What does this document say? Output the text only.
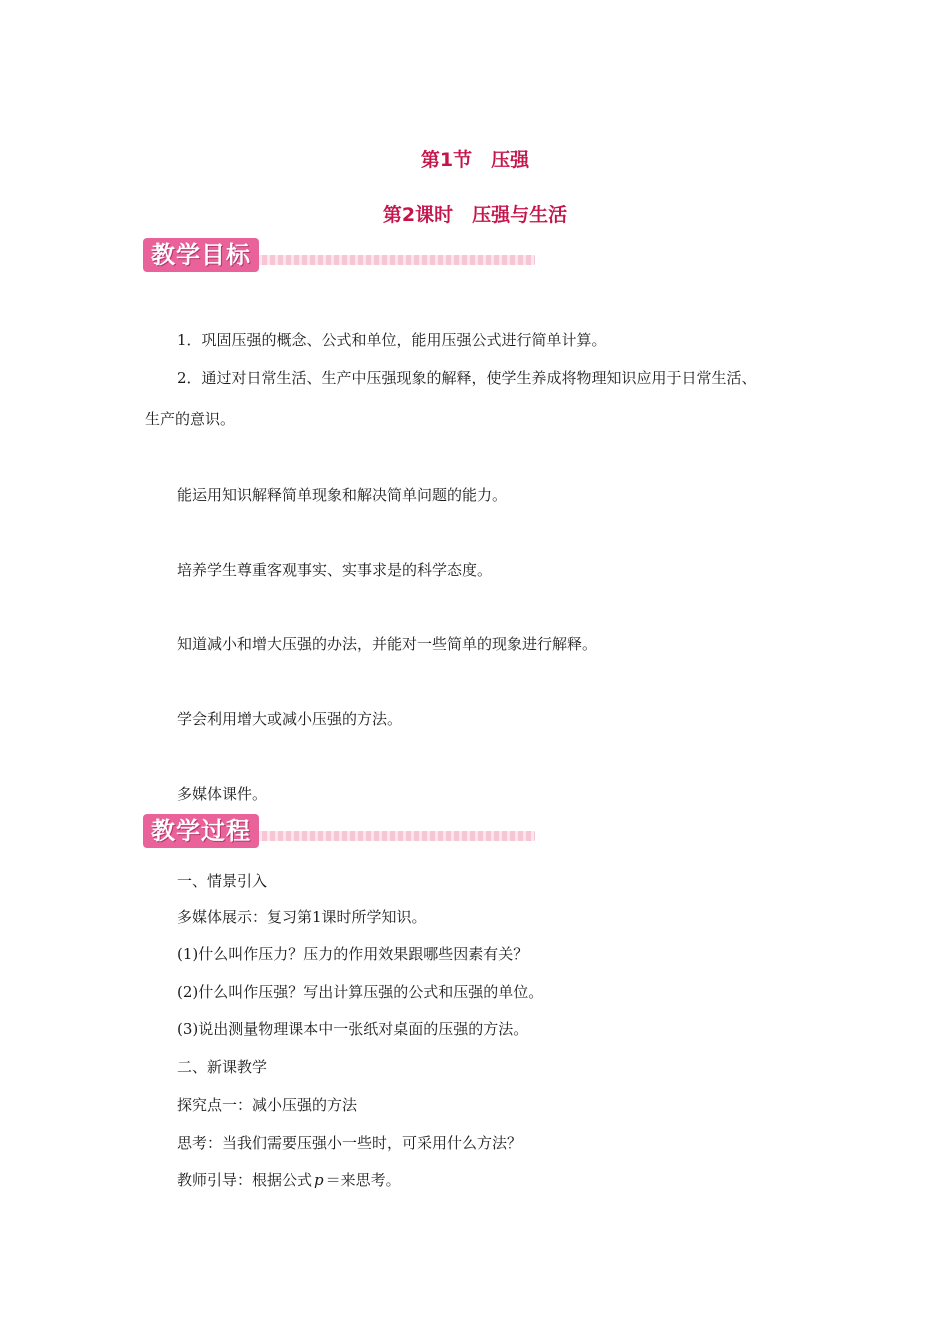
第1节　压强
第2课时　压强与生活
教学目标
1．巩固压强的概念、公式和单位，能用压强公式进行简单计算。
2．通过对日常生活、生产中压强现象的解释，使学生养成将物理知识应用于日常生活、
生产的意识。
能运用知识解释简单现象和解决简单问题的能力。
培养学生尊重客观事实、实事求是的科学态度。
知道减小和增大压强的办法，并能对一些简单的现象进行解释。
学会利用增大或减小压强的方法。
多媒体课件。
教学过程
一、情景引入
多媒体展示：复习第1课时所学知识。
(1)什么叫作压力？压力的作用效果跟哪些因素有关？
(2)什么叫作压强？写出计算压强的公式和压强的单位。
(3)说出测量物理课本中一张纸对桌面的压强的方法。
二、新课教学
探究点一：减小压强的方法
思考：当我们需要压强小一些时，可采用什么方法？
教师引导：根据公式 p ＝来思考。
